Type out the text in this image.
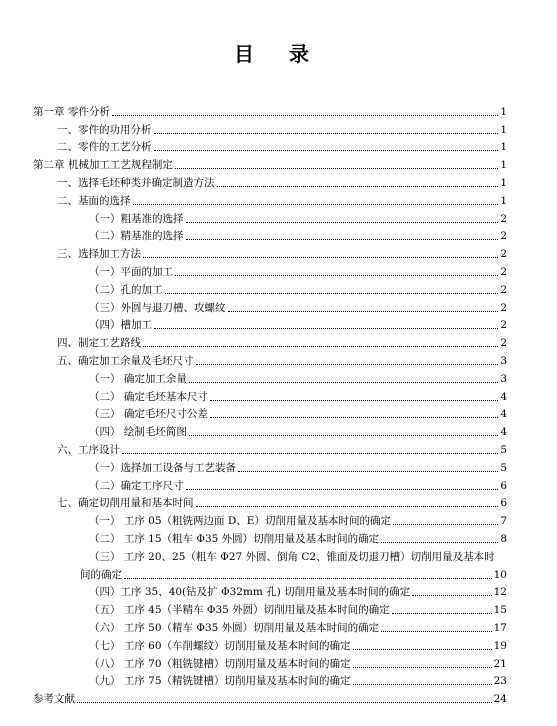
目 录
第一章 零件分析	1
一、零件的功用分析	1
二、零件的工艺分析	1
第二章 机械加工工艺规程制定	1
一、选择毛坯种类并确定制造方法	1
二、基面的选择	1
（一）粗基准的选择	2
（二）精基准的选择	2
三、选择加工方法	2
（一）平面的加工	2
（二）孔的加工	2
（三）外圆与退刀槽、攻螺纹	2
（四）槽加工	2
四、制定工艺路线	2
五、确定加工余量及毛坯尺寸	3
（一） 确定加工余量	3
（二） 确定毛坯基本尺寸	4
（三） 确定毛坯尺寸公差	4
（四） 绘制毛坯简图	4
六、工序设计	5
（一）选择加工设备与工艺装备	5
（二）确定工序尺寸	6
七、确定切削用量和基本时间	6
（一） 工序 05（粗铣两边面 D、E）切削用量及基本时间的确定	7
（二） 工序 15（粗车 Φ35 外圆）切削用量及基本时间的确定	8
（三） 工序 20、25（粗车 Φ27 外圆、倒角 C2、锥面及切退刀槽）切削用量及基本时
间的确定	10
（四）工序 35、40(钻及扩 Φ32mm 孔) 切削用量及基本时间的确定	12
（五） 工序 45（半精车 Φ35 外圆）切削用量及基本时间的确定	15
（六） 工序 50（精车 Φ35 外圆）切削用量及基本时间的确定	17
（七） 工序 60（车削螺纹）切削用量及基本时间的确定	19
（八） 工序 70（粗铣键槽）切削用量及基本时间的确定	21
（九） 工序 75（精铣键槽）切削用量及基本时间的确定	23
参考文献	24
